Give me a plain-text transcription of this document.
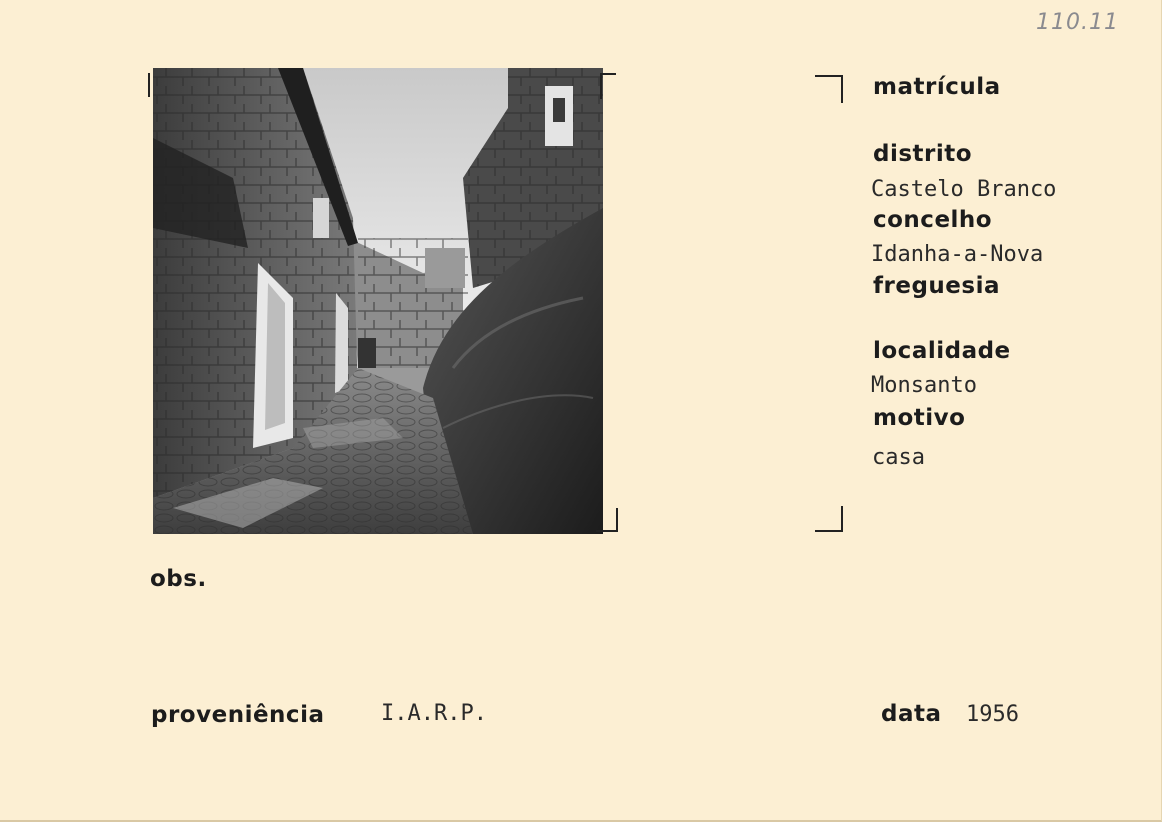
110.11
matrícula
distrito
Castelo Branco
concelho
Idanha-a-Nova
freguesia
localidade
Monsanto
motivo
casa
obs.
proveniência	I.A.R.P.	data 1956
